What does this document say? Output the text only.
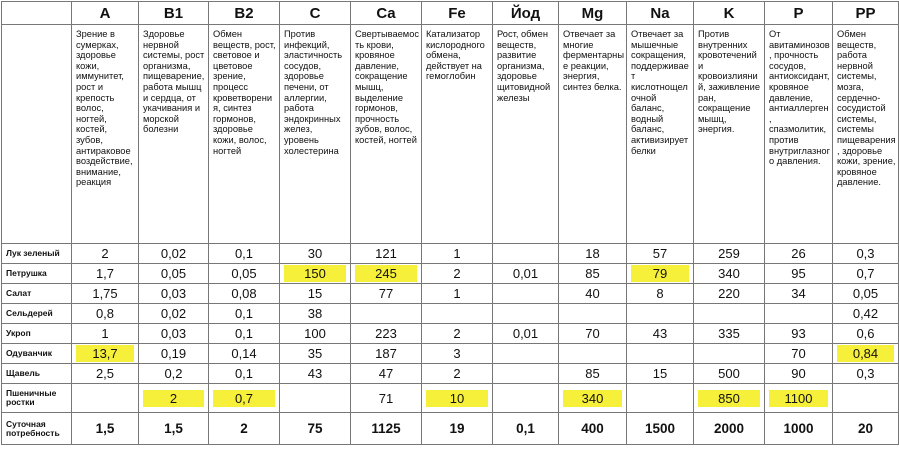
	A	B1	B2	C	Ca	Fe	Йод	Mg	Na	K	P	PP
	Зрение в сумерках, здоровье кожи, иммунитет, рост и крепость волос, ногтей, костей, зубов, антираковое воздействие, внимание, реакция	Здоровье нервной системы, рост организма, пищеварение, работа мышц и сердца, от укачивания и морской болезни	Обмен веществ, рост, световое и цветовое зрение, процесс кроветворения, синтез гормонов, здоровье кожи, волос, ногтей	Против инфекций, эластичность сосудов, здоровье печени, от аллергии, работа эндокринных желез, уровень холестерина	Свертываемость крови, кровяное давление, сокращение мышц, выделение гормонов, прочность зубов, волос, костей, ногтей	Катализатор кислородного обмена, действует на гемоглобин	Рост, обмен веществ, развитие организма, здоровье щитовидной железы	Отвечает за многие ферментарные реакции, энергия, синтез белка.	Отвечает за мышечные сокращения, поддерживает кислотнощелочной баланс, водный баланс, активизирует белки	Против внутренних кровотечений и кровоизлияний, заживление ран, сокращение мышц, энергия.	От авитаминозов, прочность сосудов, антиоксидант, кровяное давление, антиаллерген, спазмолитик, против внутриглазного давления.	Обмен веществ, работа нервной системы, мозга, сердечно-сосудистой системы, системы пищеварения, здоровье кожи, зрение, кровяное давление.
Лук зеленый	2	0,02	0,1	30	121	1		18	57	259	26	0,3
Петрушка	1,7	0,05	0,05	150	245	2	0,01	85	79	340	95	0,7
Салат	1,75	0,03	0,08	15	77	1		40	8	220	34	0,05
Сельдерей	0,8	0,02	0,1	38								0,42
Укроп	1	0,03	0,1	100	223	2	0,01	70	43	335	93	0,6
Одуванчик	13,7	0,19	0,14	35	187	3					70	0,84

Щавель	2,5	0,2	0,1	43	47	2		85	15	500	90	0,3
Пшеничные ростки		2	0,7		71	10		340		850	1100	

Суточная потребность	1,5	1,5	2	75	1125	19	0,1	400	1500	2000	1000	20
